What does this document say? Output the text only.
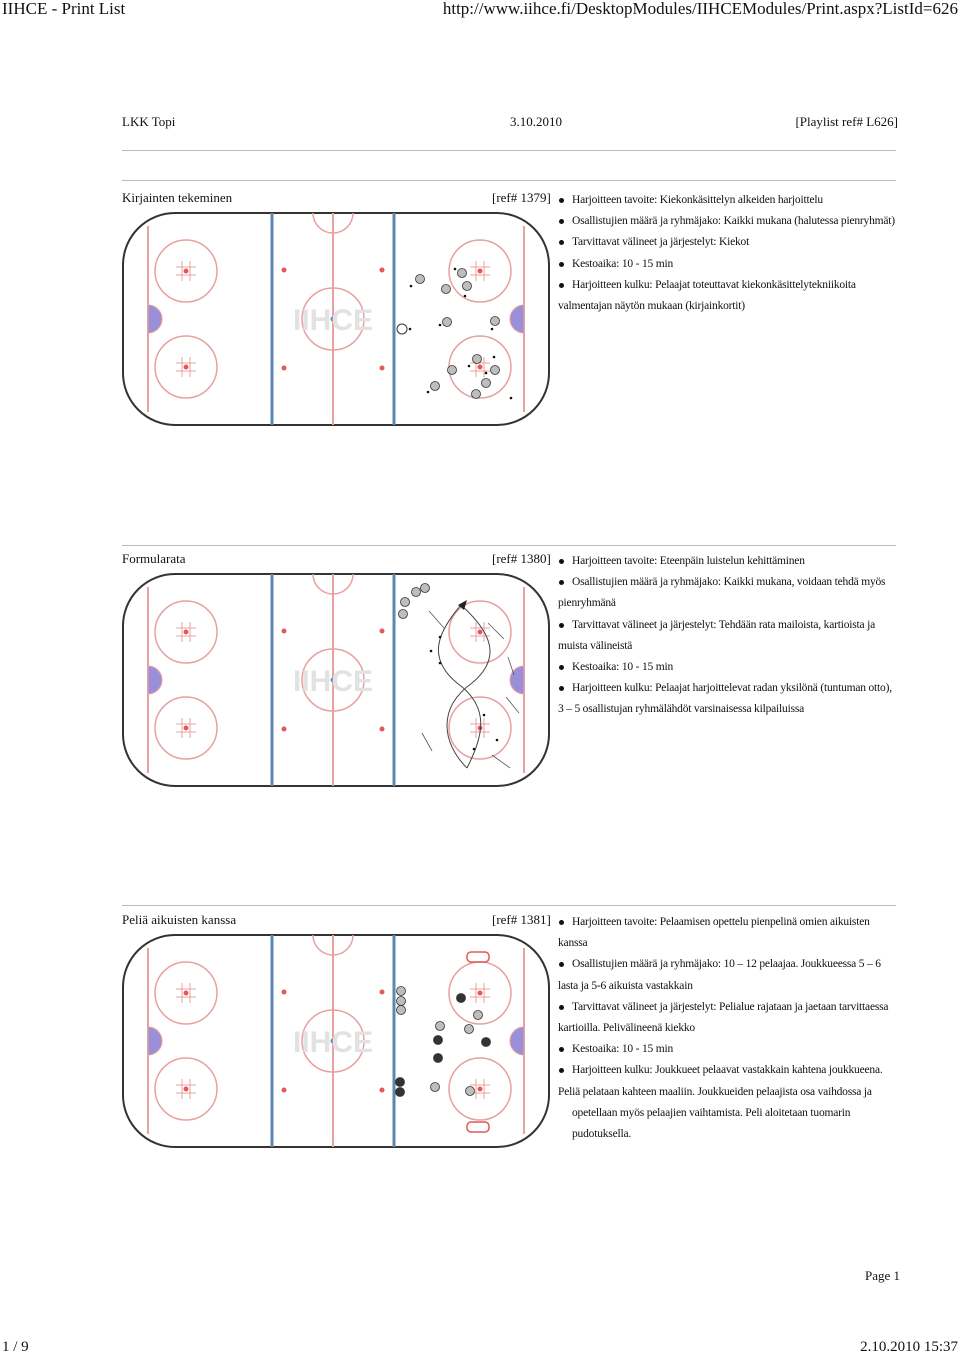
IIHCE - Print List	http://www.iihce.fi/DesktopModules/IIHCEModules/Print.aspx?ListId=626
LKK Topi	3.10.2010	[Playlist ref# L626]
Kirjainten tekeminen	[ref# 1379]
IIHCE
Harjoitteen tavoite: Kiekonkäsittelyn alkeiden harjoittelu
Osallistujien määrä ja ryhmäjako: Kaikki mukana (halutessa pienryhmät)
Tarvittavat välineet ja järjestelyt: Kiekot
Kestoaika: 10 - 15 min
Harjoitteen kulku: Pelaajat toteuttavat kiekonkäsittelytekniikoita
valmentajan näytön mukaan (kirjainkortit)
Formularata	[ref# 1380]
IIHCE
Harjoitteen tavoite: Eteenpäin luistelun kehittäminen
Osallistujien määrä ja ryhmäjako: Kaikki mukana, voidaan tehdä myös
pienryhmänä
Tarvittavat välineet ja järjestelyt: Tehdään rata mailoista, kartioista ja
muista välineistä
Kestoaika: 10 - 15 min
Harjoitteen kulku: Pelaajat harjoittelevat radan yksilönä (tuntuman otto),
3 – 5 osallistujan ryhmälähdöt varsinaisessa kilpailuissa
Peliä aikuisten kanssa	[ref# 1381]
IIHCE
Harjoitteen tavoite: Pelaamisen opettelu pienpelinä omien aikuisten
kanssa
Osallistujien määrä ja ryhmäjako: 10 – 12 pelaajaa. Joukkueessa 5 – 6
lasta ja 5-6 aikuista vastakkain
Tarvittavat välineet ja järjestelyt: Pelialue rajataan ja jaetaan tarvittaessa
kartioilla. Pelivälineenä kiekko
Kestoaika: 10 - 15 min
Harjoitteen kulku: Joukkueet pelaavat vastakkain kahtena joukkueena.
Peliä pelataan kahteen maaliin. Joukkueiden pelaajista osa vaihdossa ja opetellaan myös pelaajien vaihtamista. Peli aloitetaan tuomarin pudotuksella.
Page 1
1 / 9	2.10.2010 15:37
